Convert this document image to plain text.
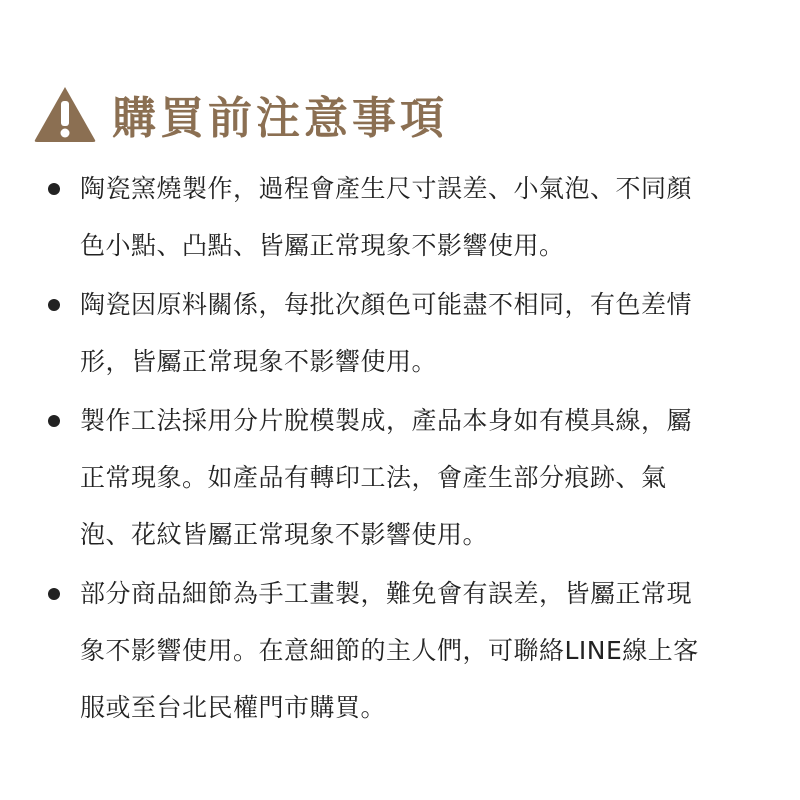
購買前注意事項
陶瓷窯燒製作，過程會產生尺寸誤差、小氣泡、不同顏
色小點、凸點、皆屬正常現象不影響使用。
陶瓷因原料關係，每批次顏色可能盡不相同，有色差情
形，皆屬正常現象不影響使用。
製作工法採用分片脫模製成，產品本身如有模具線，屬
正常現象。如產品有轉印工法，會產生部分痕跡、氣
泡、花紋皆屬正常現象不影響使用。
部分商品細節為手工畫製，難免會有誤差，皆屬正常現
象不影響使用。在意細節的主人們，可聯絡LINE線上客
服或至台北民權門市購買。
